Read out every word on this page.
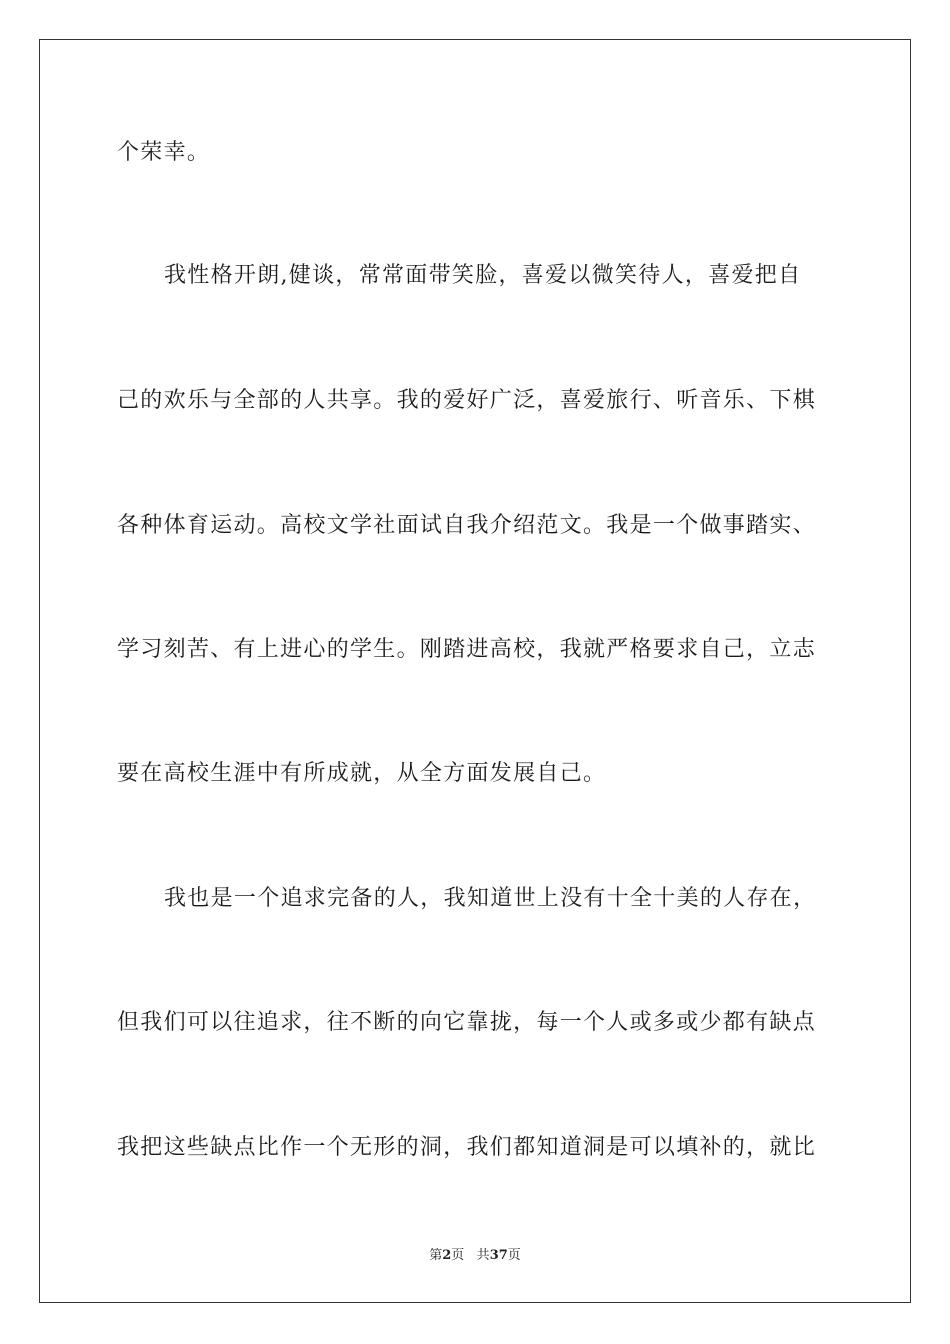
个荣幸。
我性格开朗,健谈，常常面带笑脸，喜爱以微笑待人，喜爱把自
己的欢乐与全部的人共享。我的爱好广泛，喜爱旅行、听音乐、下棋
各种体育运动。高校文学社面试自我介绍范文。我是一个做事踏实、
学习刻苦、有上进心的学生。刚踏进高校，我就严格要求自己，立志
要在高校生涯中有所成就，从全方面发展自己。
我也是一个追求完备的人，我知道世上没有十全十美的人存在，
但我们可以往追求，往不断的向它靠拢，每一个人或多或少都有缺点
我把这些缺点比作一个无形的洞，我们都知道洞是可以填补的，就比
第2页 共37页
